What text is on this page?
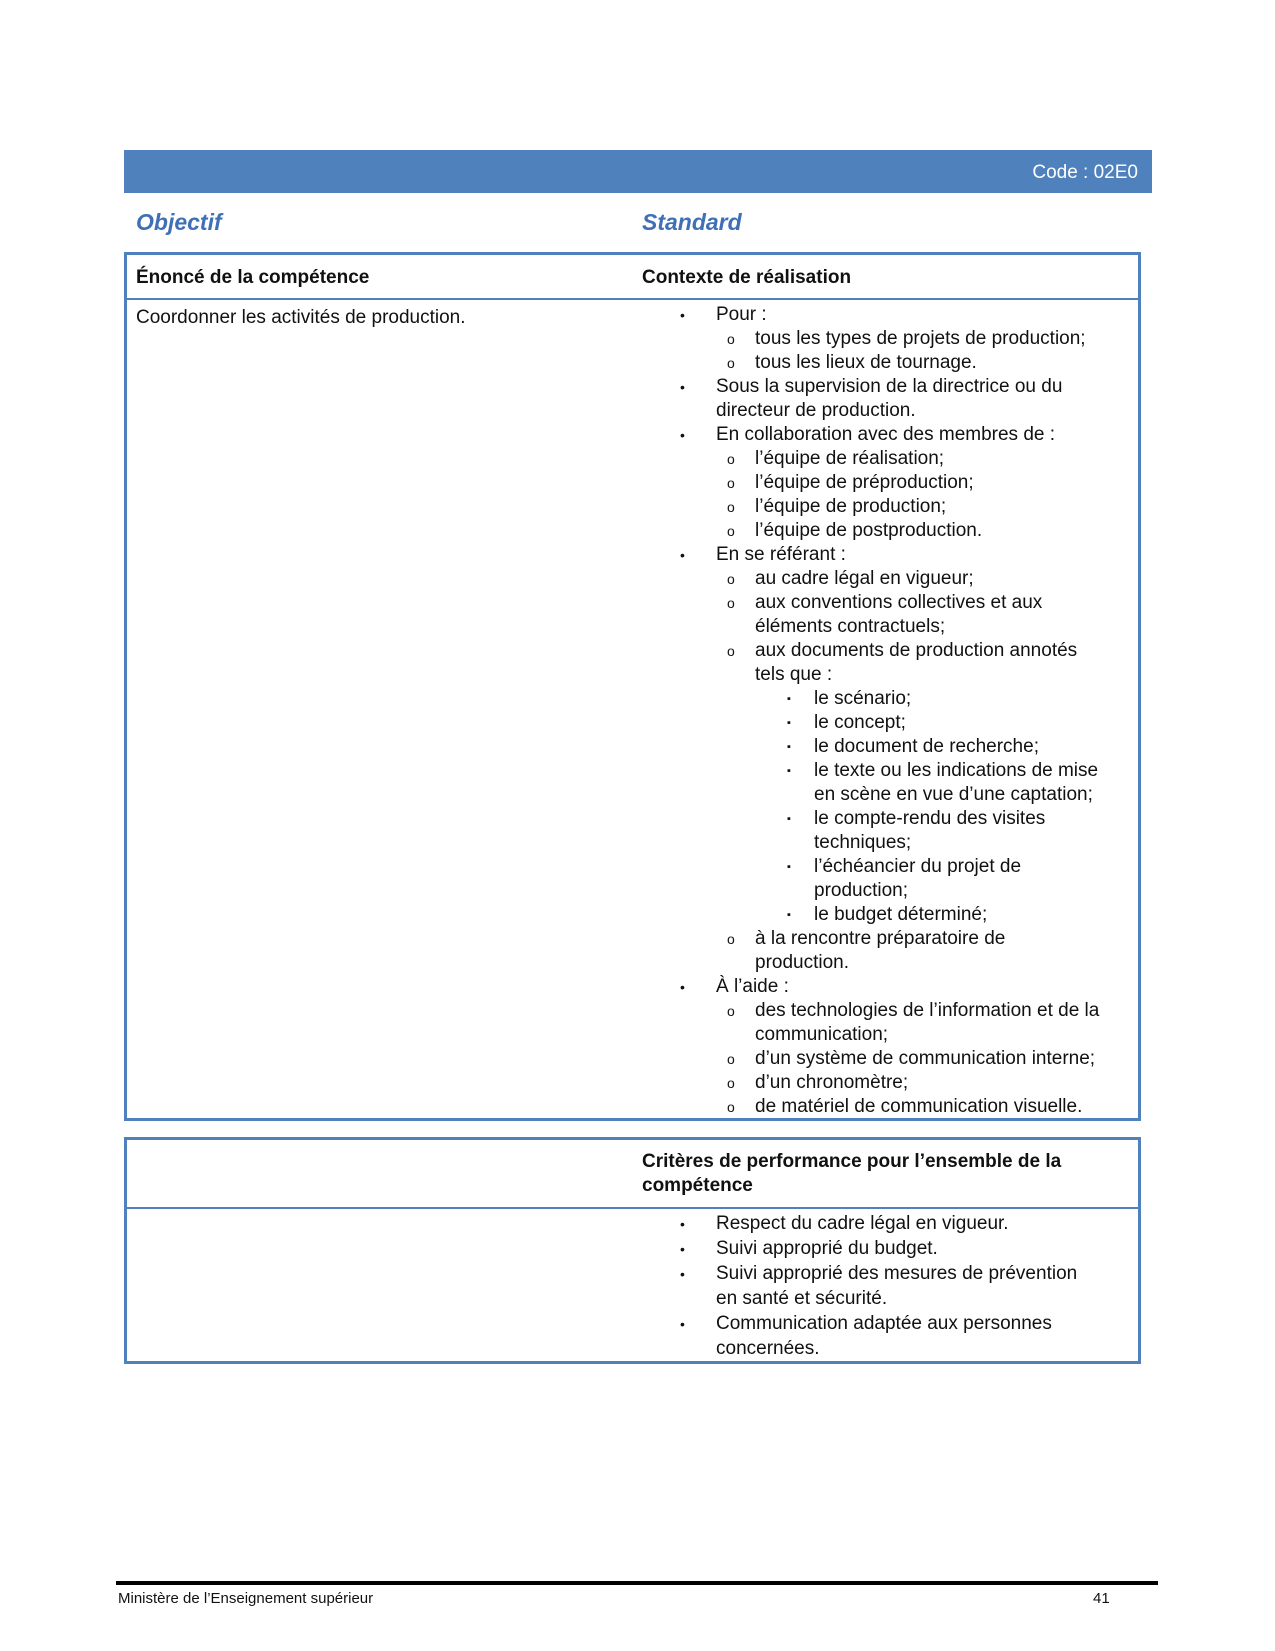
Code : 02E0
Objectif	Standard
Énoncé de la compétence	Contexte de réalisation
Coordonner les activités de production.	• Pour :
o tous les types de projets de production;
o tous les lieux de tournage.
• Sous la supervision de la directrice ou du
directeur de production.
• En collaboration avec des membres de :
o l’équipe de réalisation;
o l’équipe de préproduction;
o l’équipe de production;
o l’équipe de postproduction.
• En se référant :
o au cadre légal en vigueur;
o aux conventions collectives et aux
éléments contractuels;
o aux documents de production annotés
tels que :
▪ le scénario;
▪ le concept;
▪ le document de recherche;
▪ le texte ou les indications de mise
en scène en vue d’une captation;
▪ le compte-rendu des visites
techniques;
▪ l’échéancier du projet de
production;
▪ le budget déterminé;
o à la rencontre préparatoire de
production.
• À l’aide :
o des technologies de l’information et de la
communication;
o d’un système de communication interne;
o d’un chronomètre;
o de matériel de communication visuelle.
Critères de performance pour l’ensemble de la
compétence
• Respect du cadre légal en vigueur.
• Suivi approprié du budget.
• Suivi approprié des mesures de prévention
en santé et sécurité.
• Communication adaptée aux personnes
concernées.
Ministère de l’Enseignement supérieur	41
